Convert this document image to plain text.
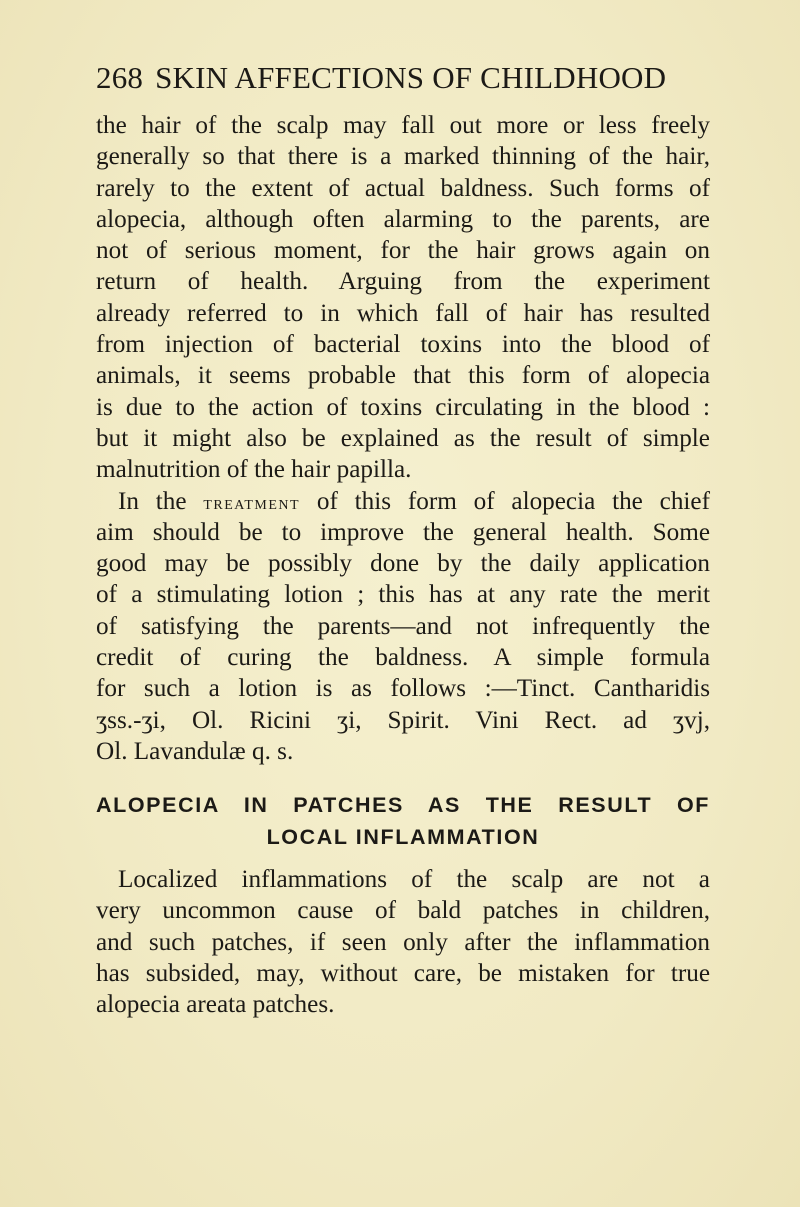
268 SKIN AFFECTIONS OF CHILDHOOD
the hair of the scalp may fall out more or less freely
generally so that there is a marked thinning of the hair,
rarely to the extent of actual baldness. Such forms of
alopecia, although often alarming to the parents, are
not of serious moment, for the hair grows again on
return of health. Arguing from the experiment
already referred to in which fall of hair has resulted
from injection of bacterial toxins into the blood of
animals, it seems probable that this form of alopecia
is due to the action of toxins circulating in the blood :
but it might also be explained as the result of simple
malnutrition of the hair papilla.
In the treatment of this form of alopecia the chief
aim should be to improve the general health. Some
good may be possibly done by the daily application
of a stimulating lotion ; this has at any rate the merit
of satisfying the parents—and not infrequently the
credit of curing the baldness. A simple formula
for such a lotion is as follows :—Tinct. Cantharidis
ʒss.-ʒi, Ol. Ricini ʒi, Spirit. Vini Rect. ad ʒvj,
Ol. Lavandulæ q. s.
ALOPECIA IN PATCHES AS THE RESULT OF
LOCAL INFLAMMATION
Localized inflammations of the scalp are not a
very uncommon cause of bald patches in children,
and such patches, if seen only after the inflammation
has subsided, may, without care, be mistaken for true
alopecia areata patches.
